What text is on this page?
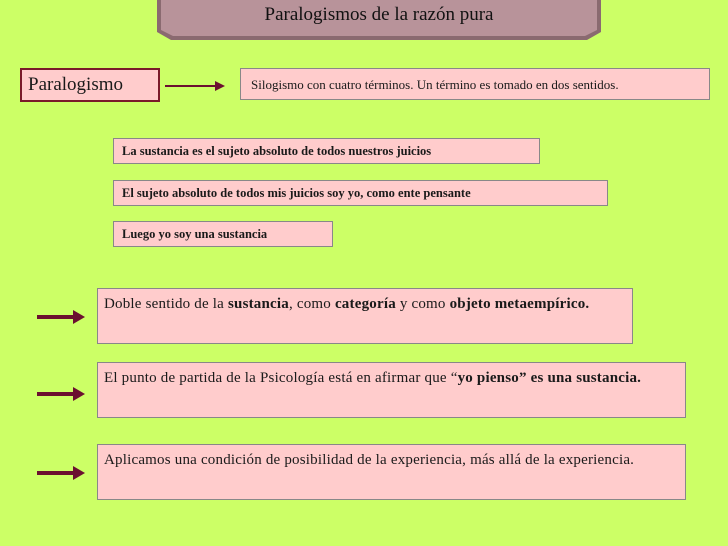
Paralogismos de la razón pura
Paralogismo	Silogismo con cuatro términos. Un término es tomado en dos sentidos.
La sustancia es el sujeto absoluto de todos nuestros juicios
El sujeto absoluto de todos mis juicios soy yo, como ente pensante
Luego yo soy una sustancia
Doble sentido de la sustancia, como categoría y como objeto metaempírico.
El punto de partida de la Psicología está en afirmar que “yo pienso” es una sustancia.
Aplicamos una condición de posibilidad de la experiencia, más allá de la experiencia.
